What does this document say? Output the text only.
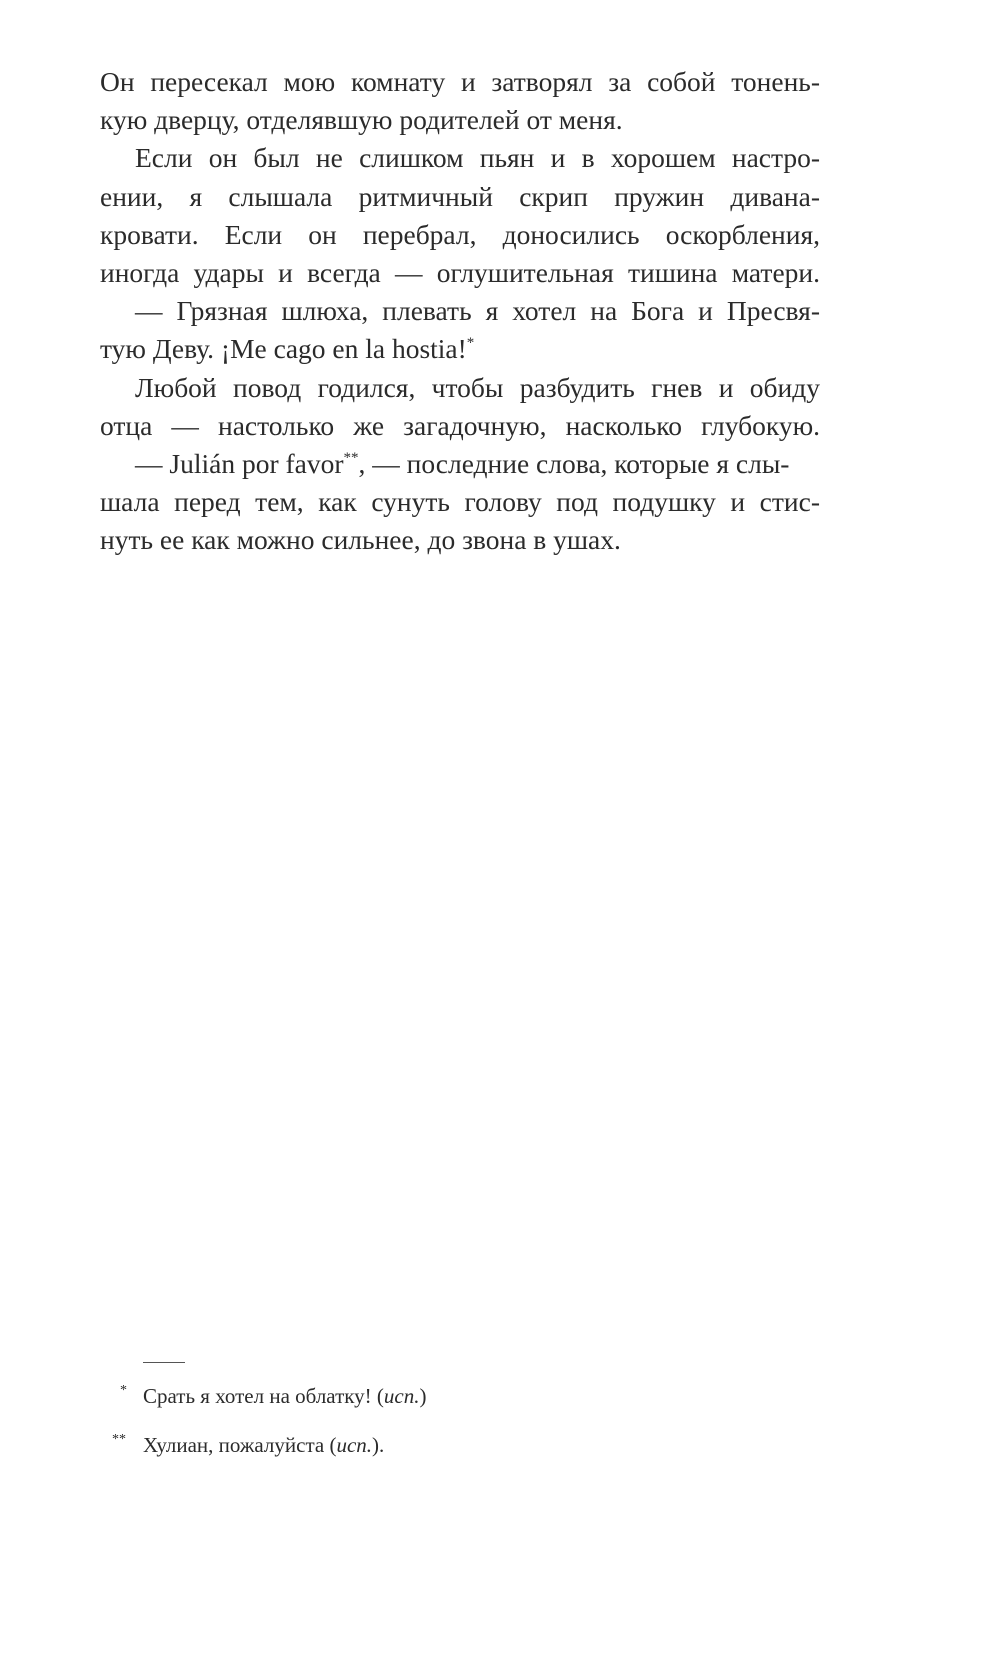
Он пересекал мою комнату и затворял за собой тонень-
кую дверцу, отделявшую родителей от меня.
Если он был не слишком пьян и в хорошем настро-
ении, я слышала ритмичный скрип пружин дивана-
кровати. Если он перебрал, доносились оскорбления,
иногда удары и всегда — оглушительная тишина матери.
— Грязная шлюха, плевать я хотел на Бога и Пресвя-
тую Деву. ¡Me cago en la hostia!*
Любой повод годился, чтобы разбудить гнев и обиду
отца — настолько же загадочную, насколько глубокую.
— Julián por favor**, — последние слова, которые я слы-
шала перед тем, как сунуть голову под подушку и стис-
нуть ее как можно сильнее, до звона в ушах.
* Срать я хотел на облатку! (исп.)
** Хулиан, пожалуйста (исп.).
